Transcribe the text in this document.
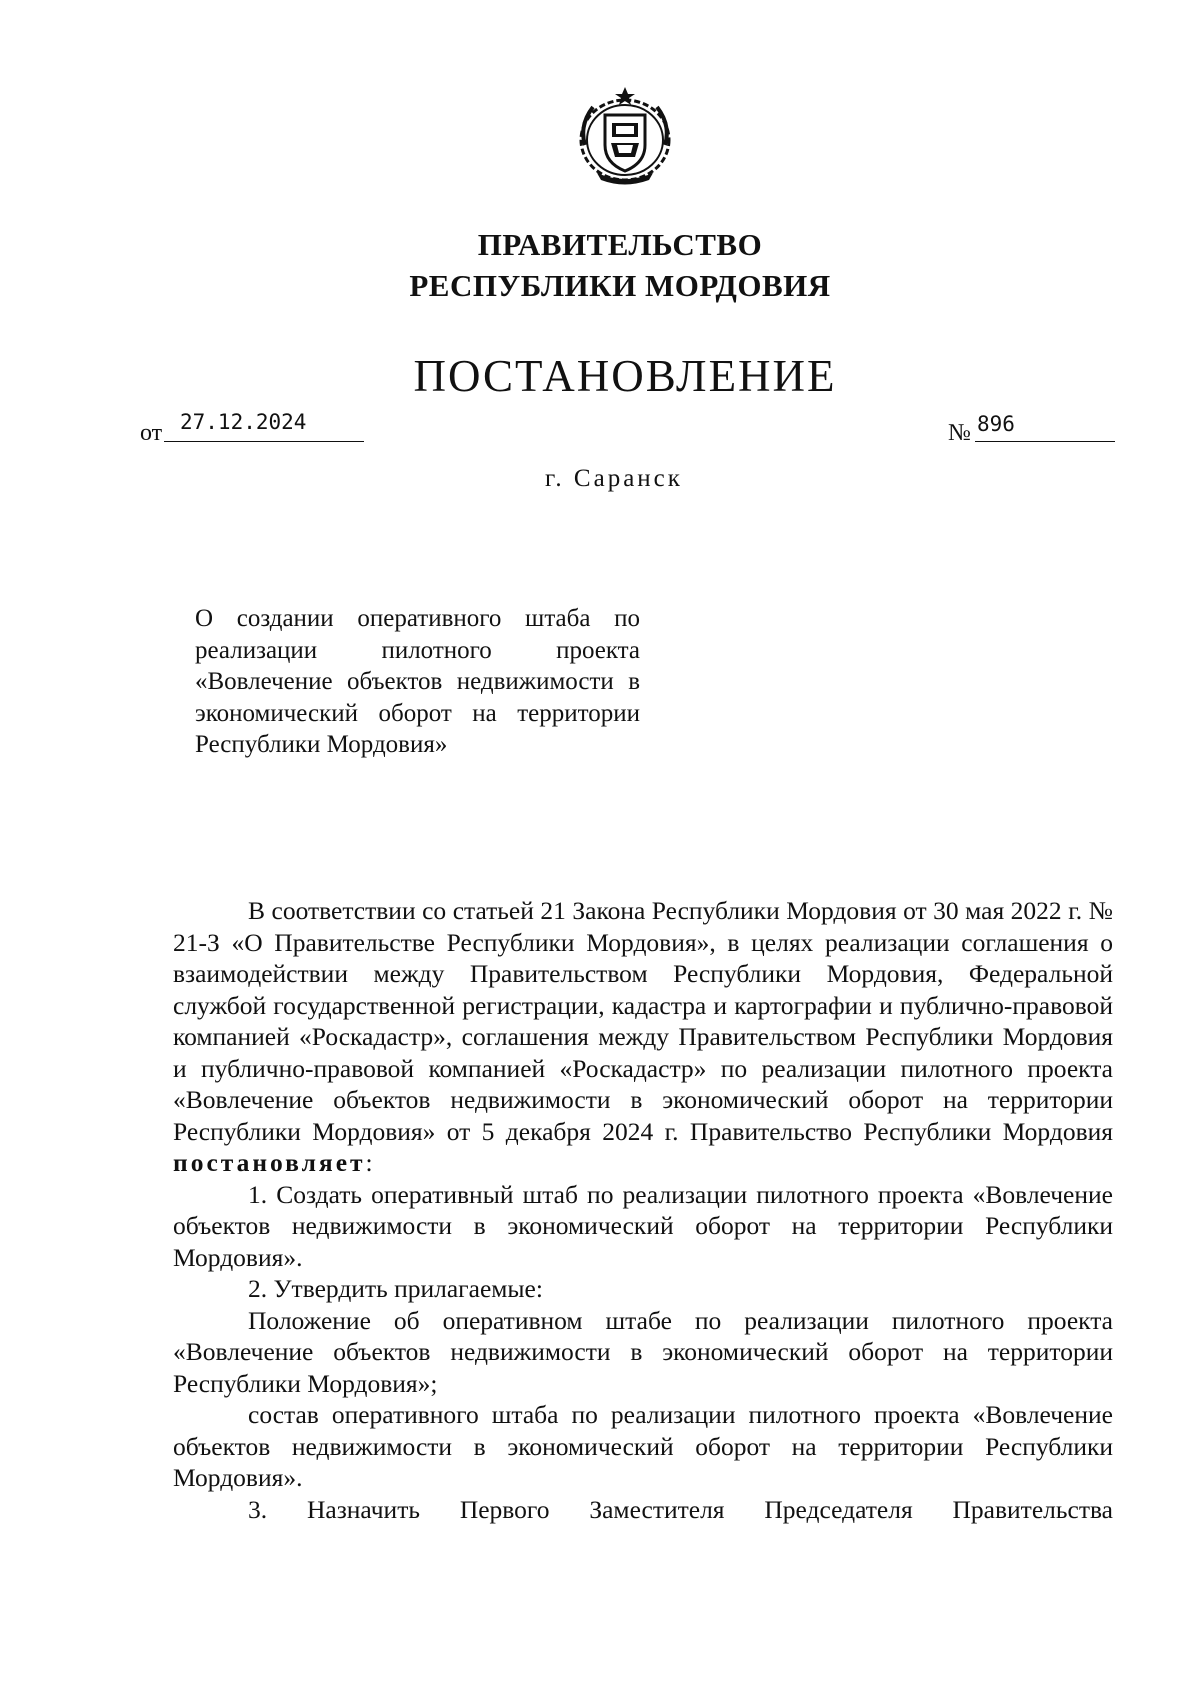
ПРАВИТЕЛЬСТВО
РЕСПУБЛИКИ МОРДОВИЯ
ПОСТАНОВЛЕНИЕ
от 27.12.2024	№ 896
г. Саранск
О создании оперативного штаба по реализации пилотного проекта «Вовлечение объектов недвижимости в экономический оборот на территории Республики Мордовия»

В соответствии со статьей 21 Закона Республики Мордовия от 30 мая 2022 г. № 21-З «О Правительстве Республики Мордовия», в целях реализации соглашения о взаимодействии между Правительством Республики Мордовия, Федеральной службой государственной регистрации, кадастра и картографии и публично-правовой компанией «Роскадастр», соглашения между Правительством Республики Мордовия и публично-правовой компанией «Роскадастр» по реализации пилотного проекта «Вовлечение объектов недвижимости в экономический оборот на территории Республики Мордовия» от 5 декабря 2024 г. Правительство Республики Мордовия постановляет:

1. Создать оперативный штаб по реализации пилотного проекта «Вовлечение объектов недвижимости в экономический оборот на территории Республики Мордовия».

2. Утвердить прилагаемые:

Положение об оперативном штабе по реализации пилотного проекта «Вовлечение объектов недвижимости в экономический оборот на территории Республики Мордовия»;

состав оперативного штаба по реализации пилотного проекта «Вовлечение объектов недвижимости в экономический оборот на территории Республики Мордовия».

3. Назначить Первого Заместителя Председателя Правительства
